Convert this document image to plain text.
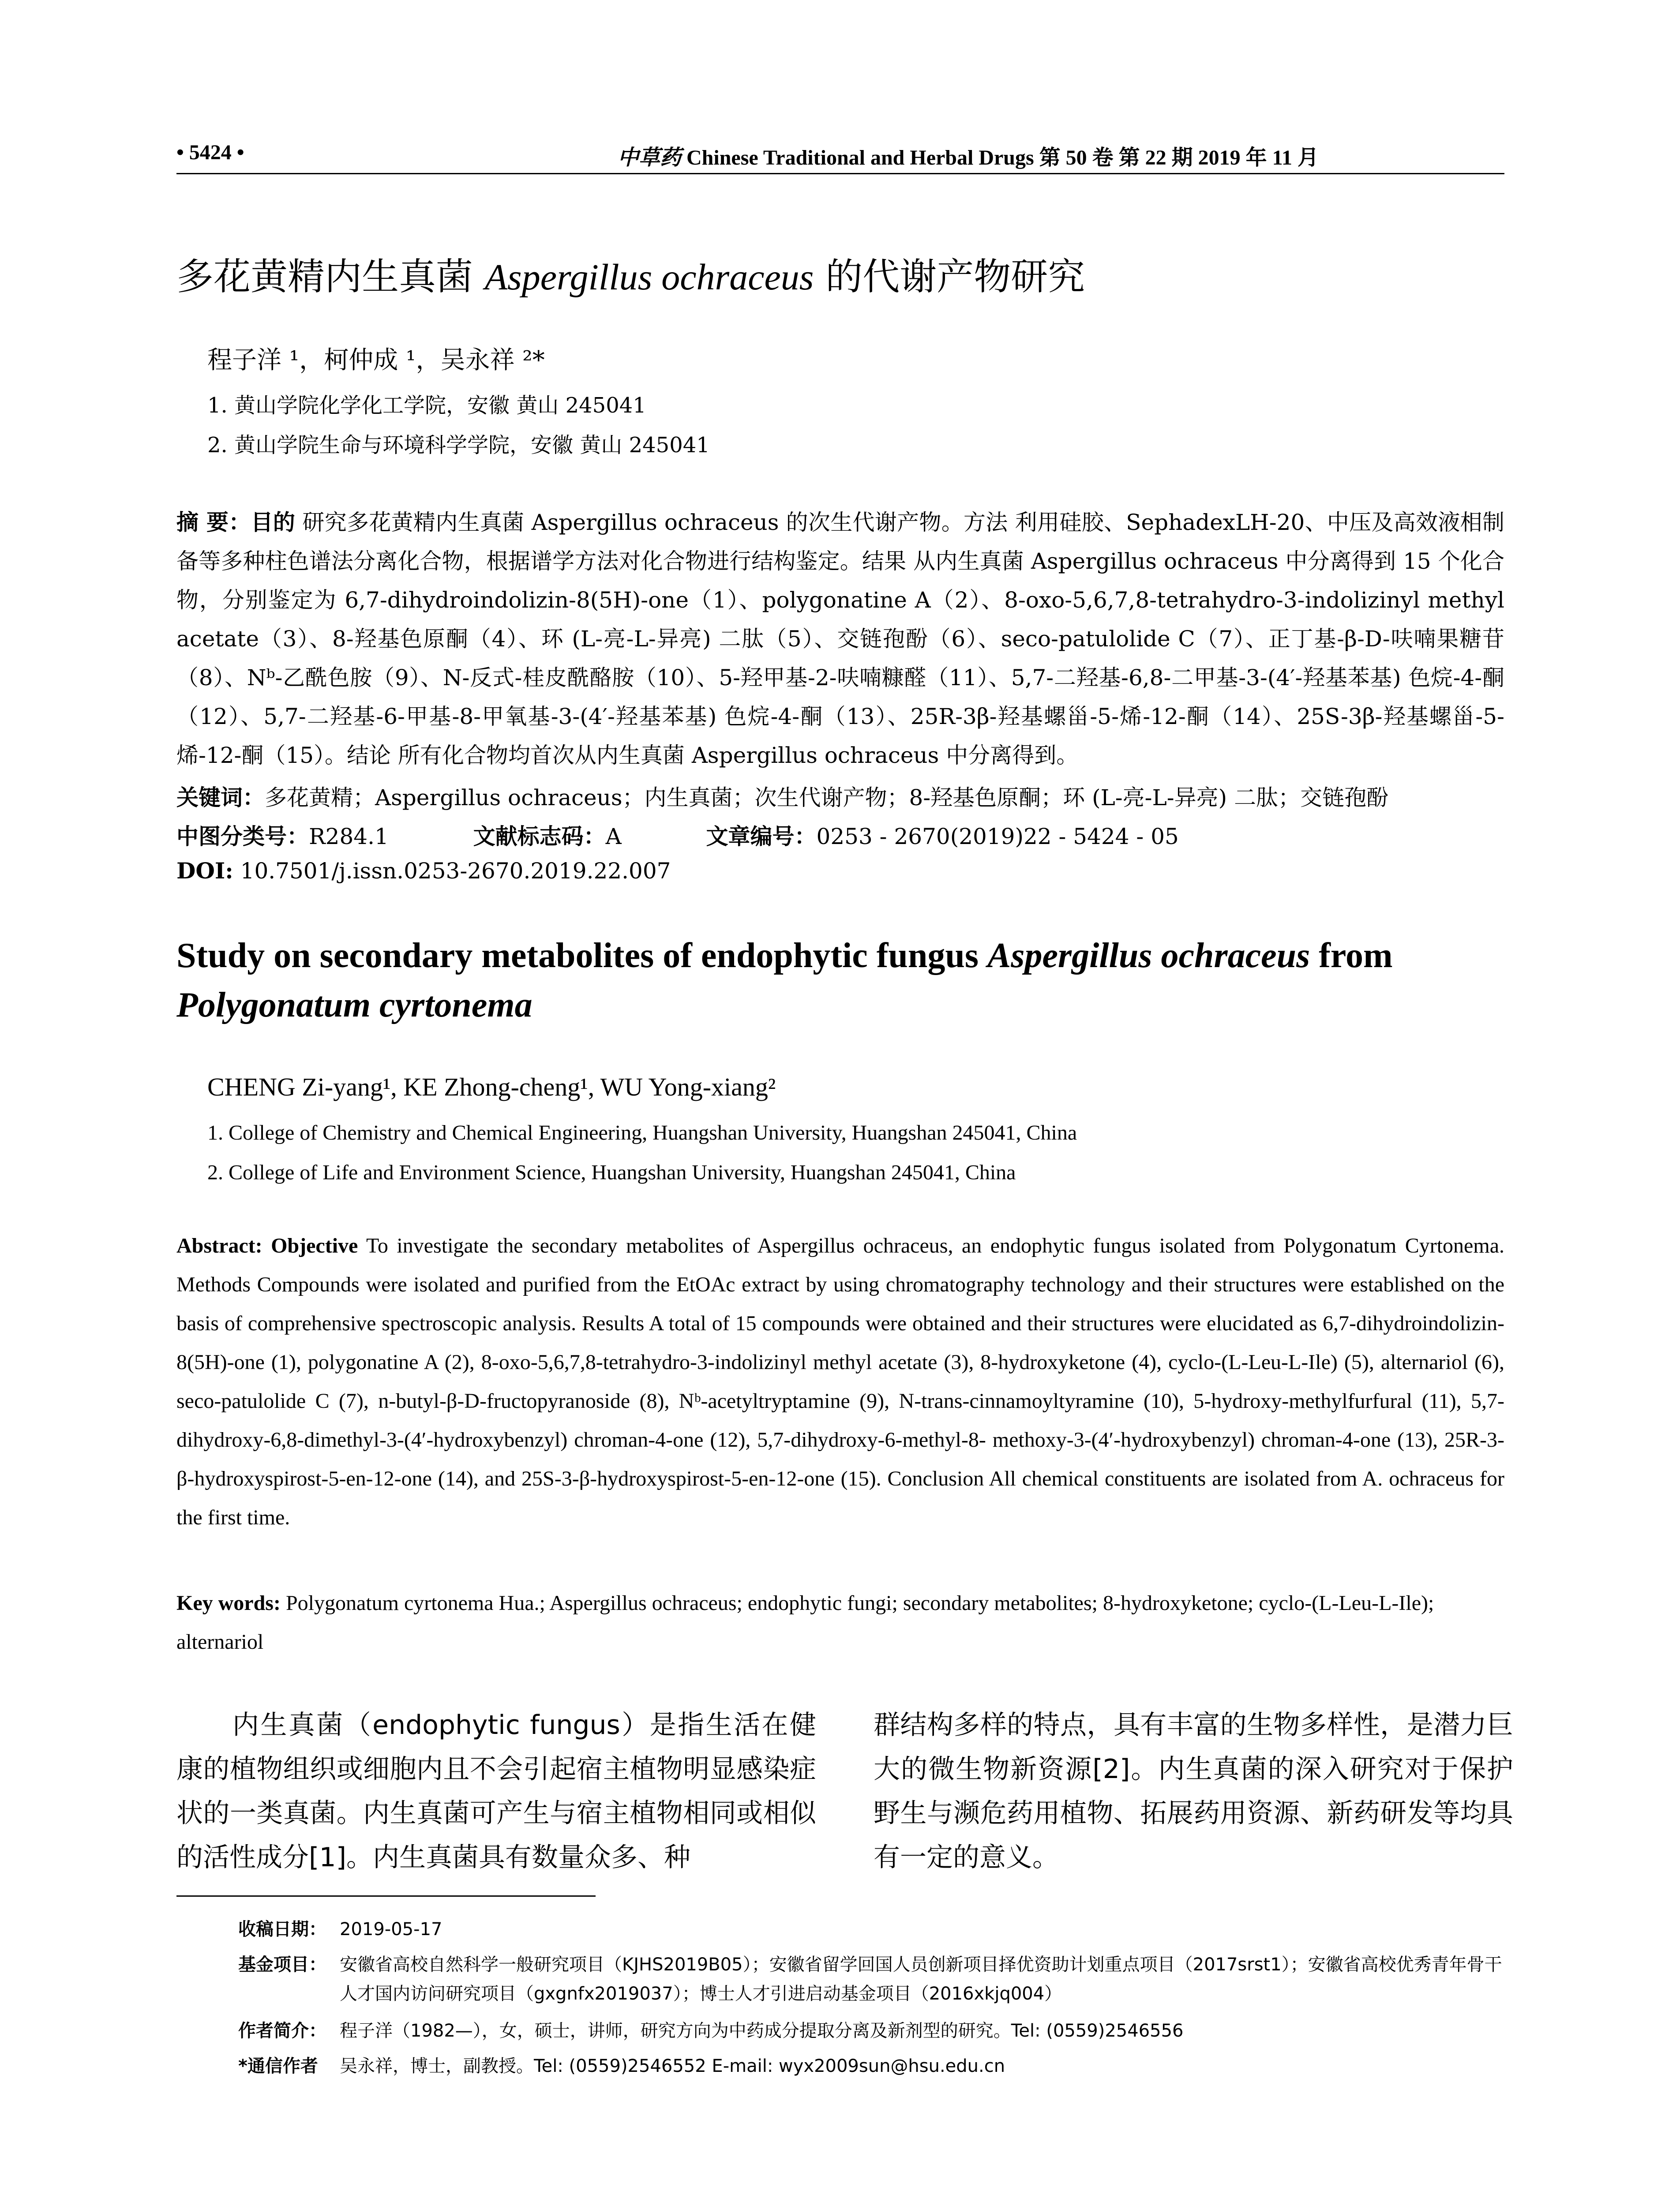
• 5424 •	中草药 Chinese Traditional and Herbal Drugs 第 50 卷 第 22 期 2019 年 11 月
多花黄精内生真菌 Aspergillus ochraceus 的代谢产物研究
程子洋 ¹，柯仲成 ¹，吴永祥 ²*
1. 黄山学院化学化工学院，安徽 黄山 245041
2. 黄山学院生命与环境科学学院，安徽 黄山 245041
摘 要：目的 研究多花黄精内生真菌 Aspergillus ochraceus 的次生代谢产物。方法 利用硅胶、SephadexLH-20、中压及高效液相制备等多种柱色谱法分离化合物，根据谱学方法对化合物进行结构鉴定。结果 从内生真菌 Aspergillus ochraceus 中分离得到 15 个化合物，分别鉴定为 6,7-dihydroindolizin-8(5H)-one（1）、polygonatine A（2）、8-oxo-5,6,7,8-tetrahydro-3-indolizinyl methyl acetate（3）、8-羟基色原酮（4）、环 (L-亮-L-异亮) 二肽（5）、交链孢酚（6）、seco-patulolide C（7）、正丁基-β-D-呋喃果糖苷（8）、Nᵇ-乙酰色胺（9）、N-反式-桂皮酰酪胺（10）、5-羟甲基-2-呋喃糠醛（11）、5,7-二羟基-6,8-二甲基-3-(4′-羟基苯基) 色烷-4-酮（12）、5,7-二羟基-6-甲基-8-甲氧基-3-(4′-羟基苯基) 色烷-4-酮（13）、25R-3β-羟基螺甾-5-烯-12-酮（14）、25S-3β-羟基螺甾-5-烯-12-酮（15）。结论 所有化合物均首次从内生真菌 Aspergillus ochraceus 中分离得到。
关键词：多花黄精；Aspergillus ochraceus；内生真菌；次生代谢产物；8-羟基色原酮；环 (L-亮-L-异亮) 二肽；交链孢酚
中图分类号：R284.1	文献标志码：A	文章编号：0253 - 2670(2019)22 - 5424 - 05
DOI: 10.7501/j.issn.0253-2670.2019.22.007
Study on secondary metabolites of endophytic fungus Aspergillus ochraceus from Polygonatum cyrtonema
CHENG Zi-yang¹, KE Zhong-cheng¹, WU Yong-xiang²
1. College of Chemistry and Chemical Engineering, Huangshan University, Huangshan 245041, China
2. College of Life and Environment Science, Huangshan University, Huangshan 245041, China
Abstract: Objective To investigate the secondary metabolites of Aspergillus ochraceus, an endophytic fungus isolated from Polygonatum Cyrtonema. Methods Compounds were isolated and purified from the EtOAc extract by using chromatography technology and their structures were established on the basis of comprehensive spectroscopic analysis. Results A total of 15 compounds were obtained and their structures were elucidated as 6,7-dihydroindolizin-8(5H)-one (1), polygonatine A (2), 8-oxo-5,6,7,8-tetrahydro-3-indolizinyl methyl acetate (3), 8-hydroxyketone (4), cyclo-(L-Leu-L-Ile) (5), alternariol (6), seco-patulolide C (7), n-butyl-β-D-fructopyranoside (8), Nᵇ-acetyltryptamine (9), N-trans-cinnamoyltyramine (10), 5-hydroxy-methylfurfural (11), 5,7-dihydroxy-6,8-dimethyl-3-(4′-hydroxybenzyl) chroman-4-one (12), 5,7-dihydroxy-6-methyl-8- methoxy-3-(4′-hydroxybenzyl) chroman-4-one (13), 25R-3-β-hydroxyspirost-5-en-12-one (14), and 25S-3-β-hydroxyspirost-5-en-12-one (15). Conclusion All chemical constituents are isolated from A. ochraceus for the first time.
Key words: Polygonatum cyrtonema Hua.; Aspergillus ochraceus; endophytic fungi; secondary metabolites; 8-hydroxyketone; cyclo-(L-Leu-L-Ile); alternariol
　　内生真菌（endophytic fungus）是指生活在健康的植物组织或细胞内且不会引起宿主植物明显感染症状的一类真菌。内生真菌可产生与宿主植物相同或相似的活性成分[1]。内生真菌具有数量众多、种
群结构多样的特点，具有丰富的生物多样性，是潜力巨大的微生物新资源[2]。内生真菌的深入研究对于保护野生与濒危药用植物、拓展药用资源、新药研发等均具有一定的意义。
收稿日期： 2019-05-17
基金项目： 安徽省高校自然科学一般研究项目（KJHS2019B05）；安徽省留学回国人员创新项目择优资助计划重点项目（2017srst1）；安徽省高校优秀青年骨干人才国内访问研究项目（gxgnfx2019037）；博士人才引进启动基金项目（2016xkjq004）
作者简介： 程子洋（1982—），女，硕士，讲师，研究方向为中药成分提取分离及新剂型的研究。Tel: (0559)2546556
*通信作者 吴永祥，博士，副教授。Tel: (0559)2546552 E-mail: wyx2009sun@hsu.edu.cn
